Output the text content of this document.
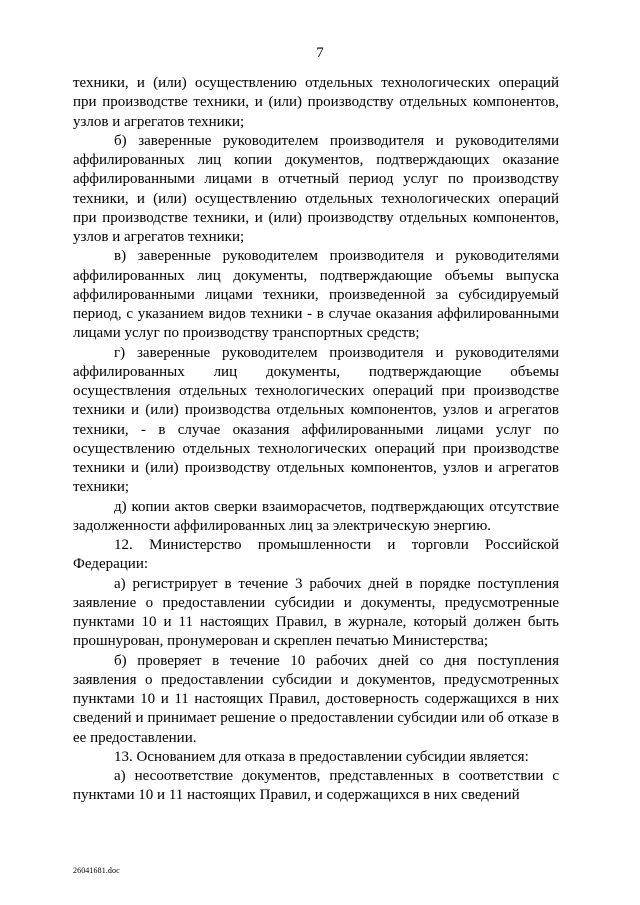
7

техники, и (или) осуществлению отдельных технологических операций при производстве техники, и (или) производству отдельных компонентов, узлов и агрегатов техники;

б) заверенные руководителем производителя и руководителями аффилированных лиц копии документов, подтверждающих оказание аффилированными лицами в отчетный период услуг по производству техники, и (или) осуществлению отдельных технологических операций при производстве техники, и (или) производству отдельных компонентов, узлов и агрегатов техники;

в) заверенные руководителем производителя и руководителями аффилированных лиц документы, подтверждающие объемы выпуска аффилированными лицами техники, произведенной за субсидируемый период, с указанием видов техники - в случае оказания аффилированными лицами услуг по производству транспортных средств;

г) заверенные руководителем производителя и руководителями аффилированных лиц документы, подтверждающие объемы осуществления отдельных технологических операций при производстве техники и (или) производства отдельных компонентов, узлов и агрегатов техники, - в случае оказания аффилированными лицами услуг по осуществлению отдельных технологических операций при производстве техники и (или) производству отдельных компонентов, узлов и агрегатов техники;

д) копии актов сверки взаиморасчетов, подтверждающих отсутствие задолженности аффилированных лиц за электрическую энергию.

12. Министерство промышленности и торговли Российской Федерации:

а) регистрирует в течение 3 рабочих дней в порядке поступления заявление о предоставлении субсидии и документы, предусмотренные пунктами 10 и 11 настоящих Правил, в журнале, который должен быть прошнурован, пронумерован и скреплен печатью Министерства;

б) проверяет в течение 10 рабочих дней со дня поступления заявления о предоставлении субсидии и документов, предусмотренных пунктами 10 и 11 настоящих Правил, достоверность содержащихся в них сведений и принимает решение о предоставлении субсидии или об отказе в ее предоставлении.

13. Основанием для отказа в предоставлении субсидии является:

а) несоответствие документов, представленных в соответствии с пунктами 10 и 11 настоящих Правил, и содержащихся в них сведений

26041681.doc
